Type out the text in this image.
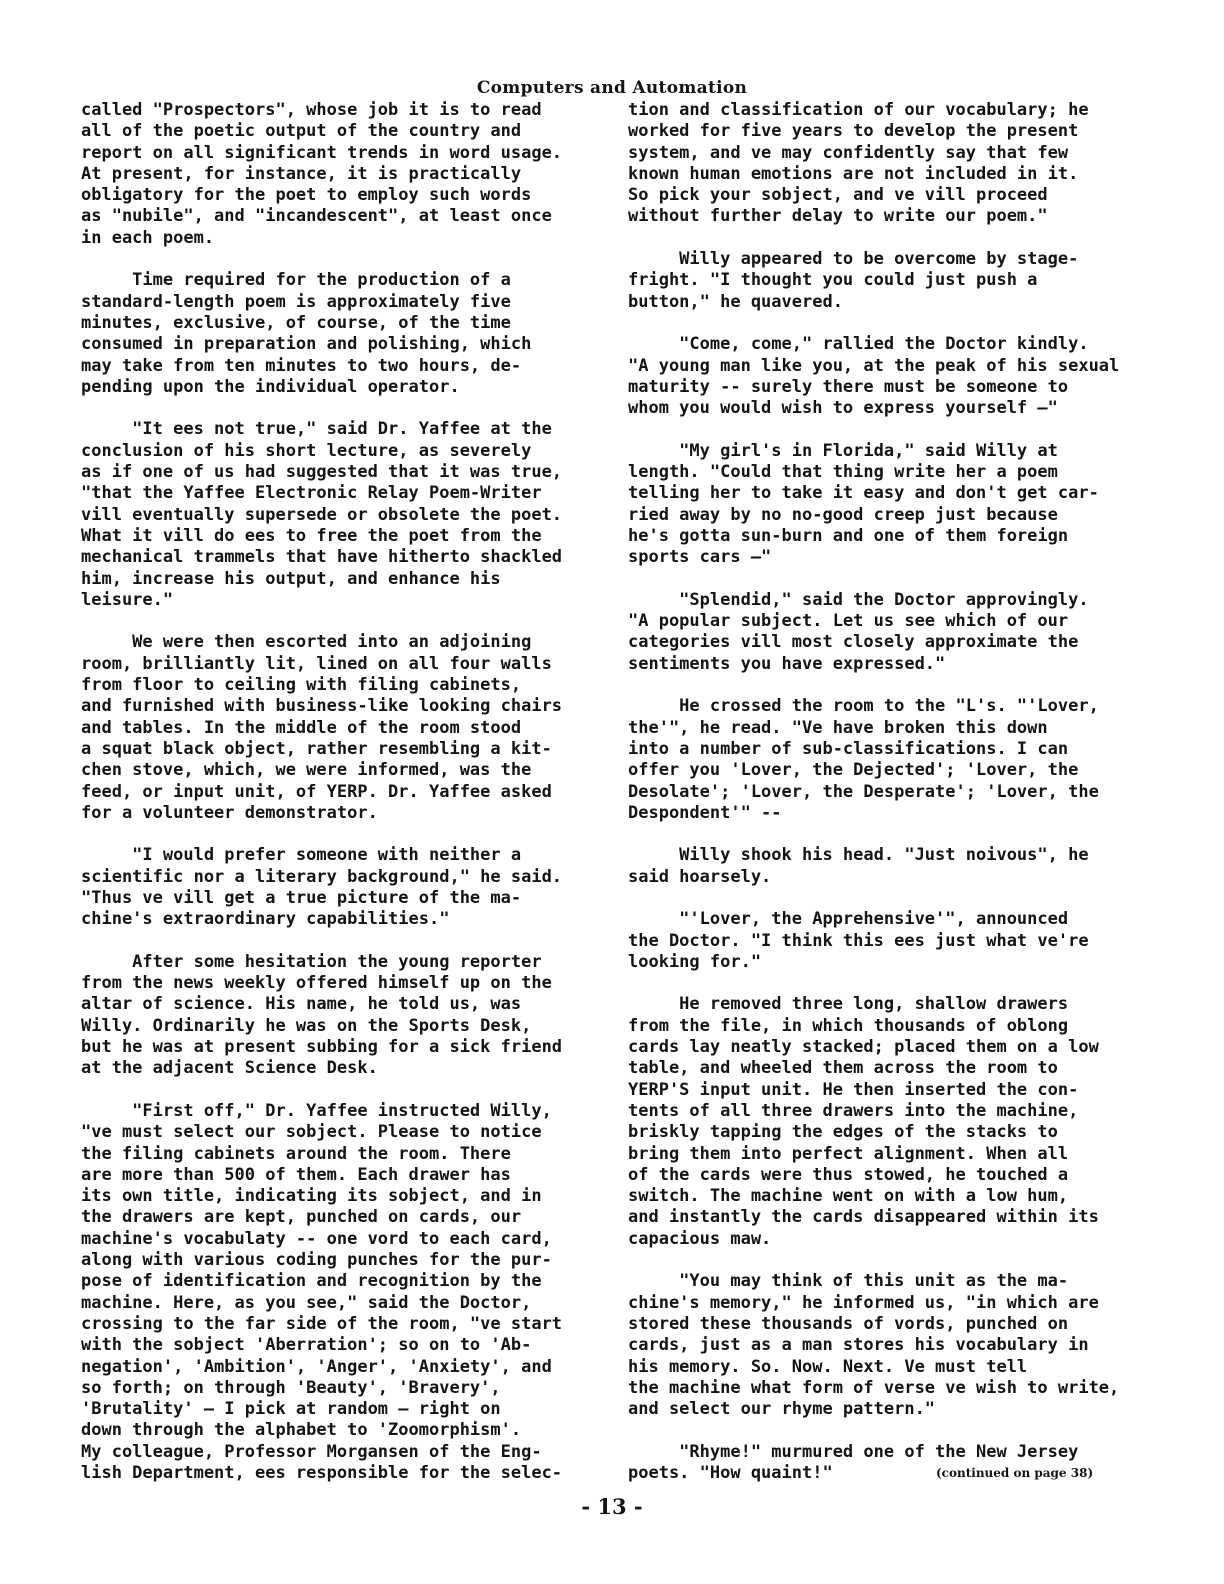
Computers and Automation

called "Prospectors", whose job it is to read
all of the poetic output of the country and
report on all significant trends in word usage.
At present, for instance, it is practically
obligatory for the poet to employ such words
as "nubile", and "incandescent", at least once
in each poem.

Time required for the production of a
standard-length poem is approximately five
minutes, exclusive, of course, of the time
consumed in preparation and polishing, which
may take from ten minutes to two hours, de-
pending upon the individual operator.

"It ees not true," said Dr. Yaffee at the
conclusion of his short lecture, as severely
as if one of us had suggested that it was true,
"that the Yaffee Electronic Relay Poem-Writer
vill eventually supersede or obsolete the poet.
What it vill do ees to free the poet from the
mechanical trammels that have hitherto shackled
him, increase his output, and enhance his
leisure."

We were then escorted into an adjoining
room, brilliantly lit, lined on all four walls
from floor to ceiling with filing cabinets,
and furnished with business-like looking chairs
and tables. In the middle of the room stood
a squat black object, rather resembling a kit-
chen stove, which, we were informed, was the
feed, or input unit, of YERP. Dr. Yaffee asked
for a volunteer demonstrator.

"I would prefer someone with neither a
scientific nor a literary background," he said.
"Thus ve vill get a true picture of the ma-
chine's extraordinary capabilities."

After some hesitation the young reporter
from the news weekly offered himself up on the
altar of science. His name, he told us, was
Willy. Ordinarily he was on the Sports Desk,
but he was at present subbing for a sick friend
at the adjacent Science Desk.

"First off," Dr. Yaffee instructed Willy,
"ve must select our sobject. Please to notice
the filing cabinets around the room. There
are more than 500 of them. Each drawer has
its own title, indicating its sobject, and in
the drawers are kept, punched on cards, our
machine's vocabulaty -- one vord to each card,
along with various coding punches for the pur-
pose of identification and recognition by the
machine. Here, as you see," said the Doctor,
crossing to the far side of the room, "ve start
with the sobject 'Aberration'; so on to 'Ab-
negation', 'Ambition', 'Anger', 'Anxiety', and
so forth; on through 'Beauty', 'Bravery',
'Brutality' — I pick at random — right on
down through the alphabet to 'Zoomorphism'.
My colleague, Professor Morgansen of the Eng-
lish Department, ees responsible for the selec-

tion and classification of our vocabulary; he
worked for five years to develop the present
system, and ve may confidently say that few
known human emotions are not included in it.
So pick your sobject, and ve vill proceed
without further delay to write our poem."

Willy appeared to be overcome by stage-
fright. "I thought you could just push a
button," he quavered.

"Come, come," rallied the Doctor kindly.
"A young man like you, at the peak of his sexual
maturity -- surely there must be someone to
whom you would wish to express yourself —"

"My girl's in Florida," said Willy at
length. "Could that thing write her a poem
telling her to take it easy and don't get car-
ried away by no no-good creep just because
he's gotta sun-burn and one of them foreign
sports cars —"

"Splendid," said the Doctor approvingly.
"A popular subject. Let us see which of our
categories vill most closely approximate the
sentiments you have expressed."

He crossed the room to the "L's. "'Lover,
the'", he read. "Ve have broken this down
into a number of sub-classifications. I can
offer you 'Lover, the Dejected'; 'Lover, the
Desolate'; 'Lover, the Desperate'; 'Lover, the
Despondent'" --

Willy shook his head. "Just noivous", he
said hoarsely.

"'Lover, the Apprehensive'", announced
the Doctor. "I think this ees just what ve're
looking for."

He removed three long, shallow drawers
from the file, in which thousands of oblong
cards lay neatly stacked; placed them on a low
table, and wheeled them across the room to
YERP'S input unit. He then inserted the con-
tents of all three drawers into the machine,
briskly tapping the edges of the stacks to
bring them into perfect alignment. When all
of the cards were thus stowed, he touched a
switch. The machine went on with a low hum,
and instantly the cards disappeared within its
capacious maw.

"You may think of this unit as the ma-
chine's memory," he informed us, "in which are
stored these thousands of vords, punched on
cards, just as a man stores his vocabulary in
his memory. So. Now. Next. Ve must tell
the machine what form of verse ve wish to write,
and select our rhyme pattern."

"Rhyme!" murmured one of the New Jersey
poets. "How quaint!"	(continued on page 38)
- 13 -
